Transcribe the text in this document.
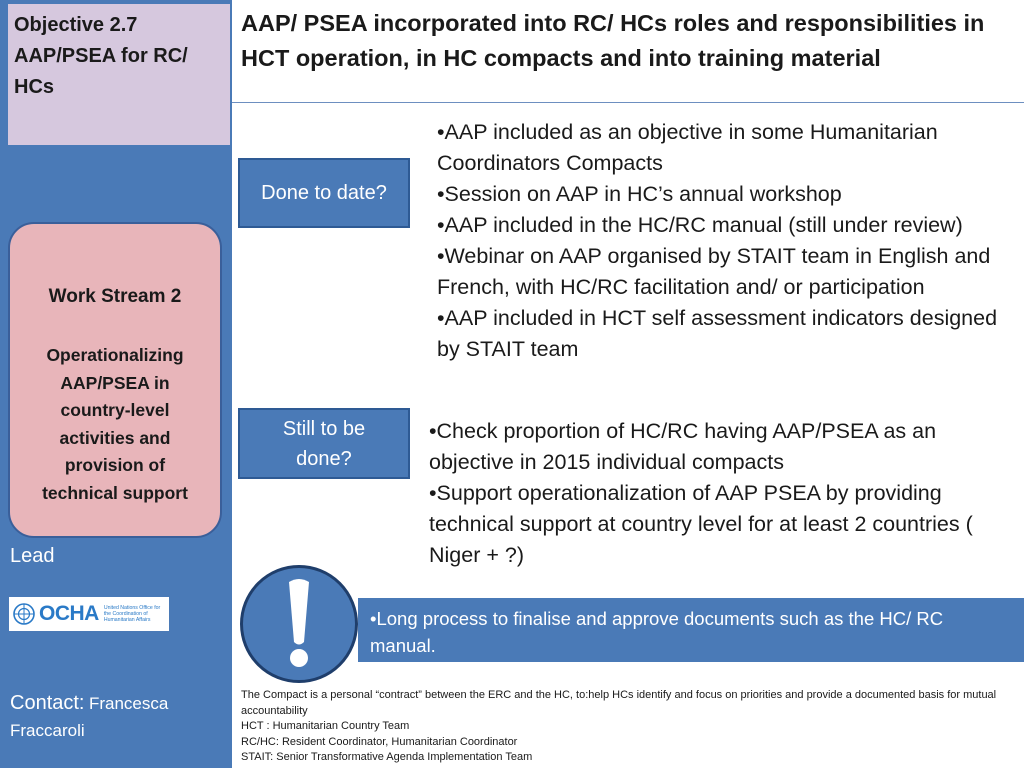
Objective 2.7
AAP/PSEA for RC/
HCs
Work Stream 2
Operationalizing
AAP/PSEA in
country-level
activities and
provision of
technical support
Lead
OCHA United Nations Office for the Coordination of Humanitarian Affairs
Contact: Francesca
Fraccaroli
AAP/ PSEA incorporated into RC/ HCs roles and responsibilities in
HCT operation, in HC compacts and into training material
Done to date?
• AAP included as an objective in some Humanitarian Coordinators Compacts
• Session on AAP in HC’s annual workshop
• AAP included in the HC/RC manual (still under review)
• Webinar on AAP organised by STAIT team in English and French, with HC/RC facilitation and/ or participation
• AAP included in HCT self assessment indicators designed by STAIT team
Still to be
done?
• Check proportion of HC/RC having AAP/PSEA as an objective in 2015 individual compacts
• Support operationalization of AAP PSEA by providing technical support at country level for at least 2 countries ( Niger + ?)
• Long process to finalise and approve documents such as the HC/ RC manual.
The Compact is a personal “contract” between the ERC and the HC, to:help HCs identify and focus on priorities and provide a documented basis for mutual accountability
HCT : Humanitarian Country Team
RC/HC: Resident Coordinator, Humanitarian Coordinator
STAIT: Senior Transformative Agenda Implementation Team
